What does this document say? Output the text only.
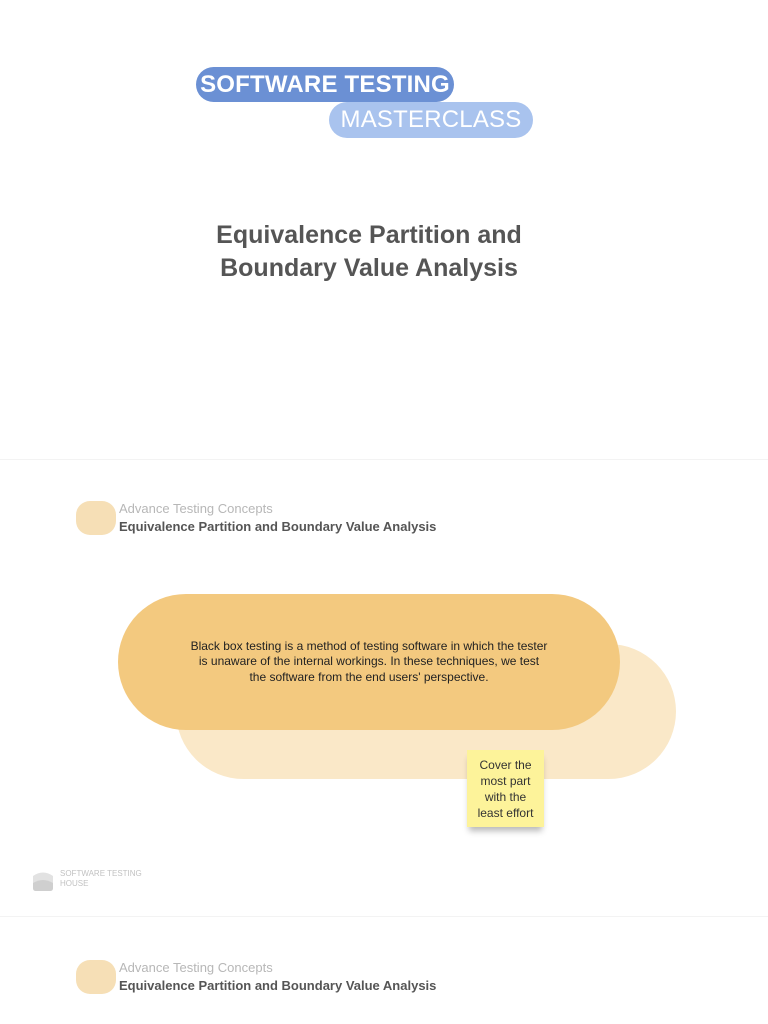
SOFTWARE TESTING
MASTERCLASS
Equivalence Partition and
Boundary Value Analysis
Advance Testing Concepts
Equivalence Partition and Boundary Value Analysis

Black box testing is a method of testing software in which the tester
is unaware of the internal workings. In these techniques, we test
the software from the end users' perspective.

Cover the
most part
with the
least effort

SOFTWARE TESTING
HOUSE
Advance Testing Concepts
Equivalence Partition and Boundary Value Analysis
